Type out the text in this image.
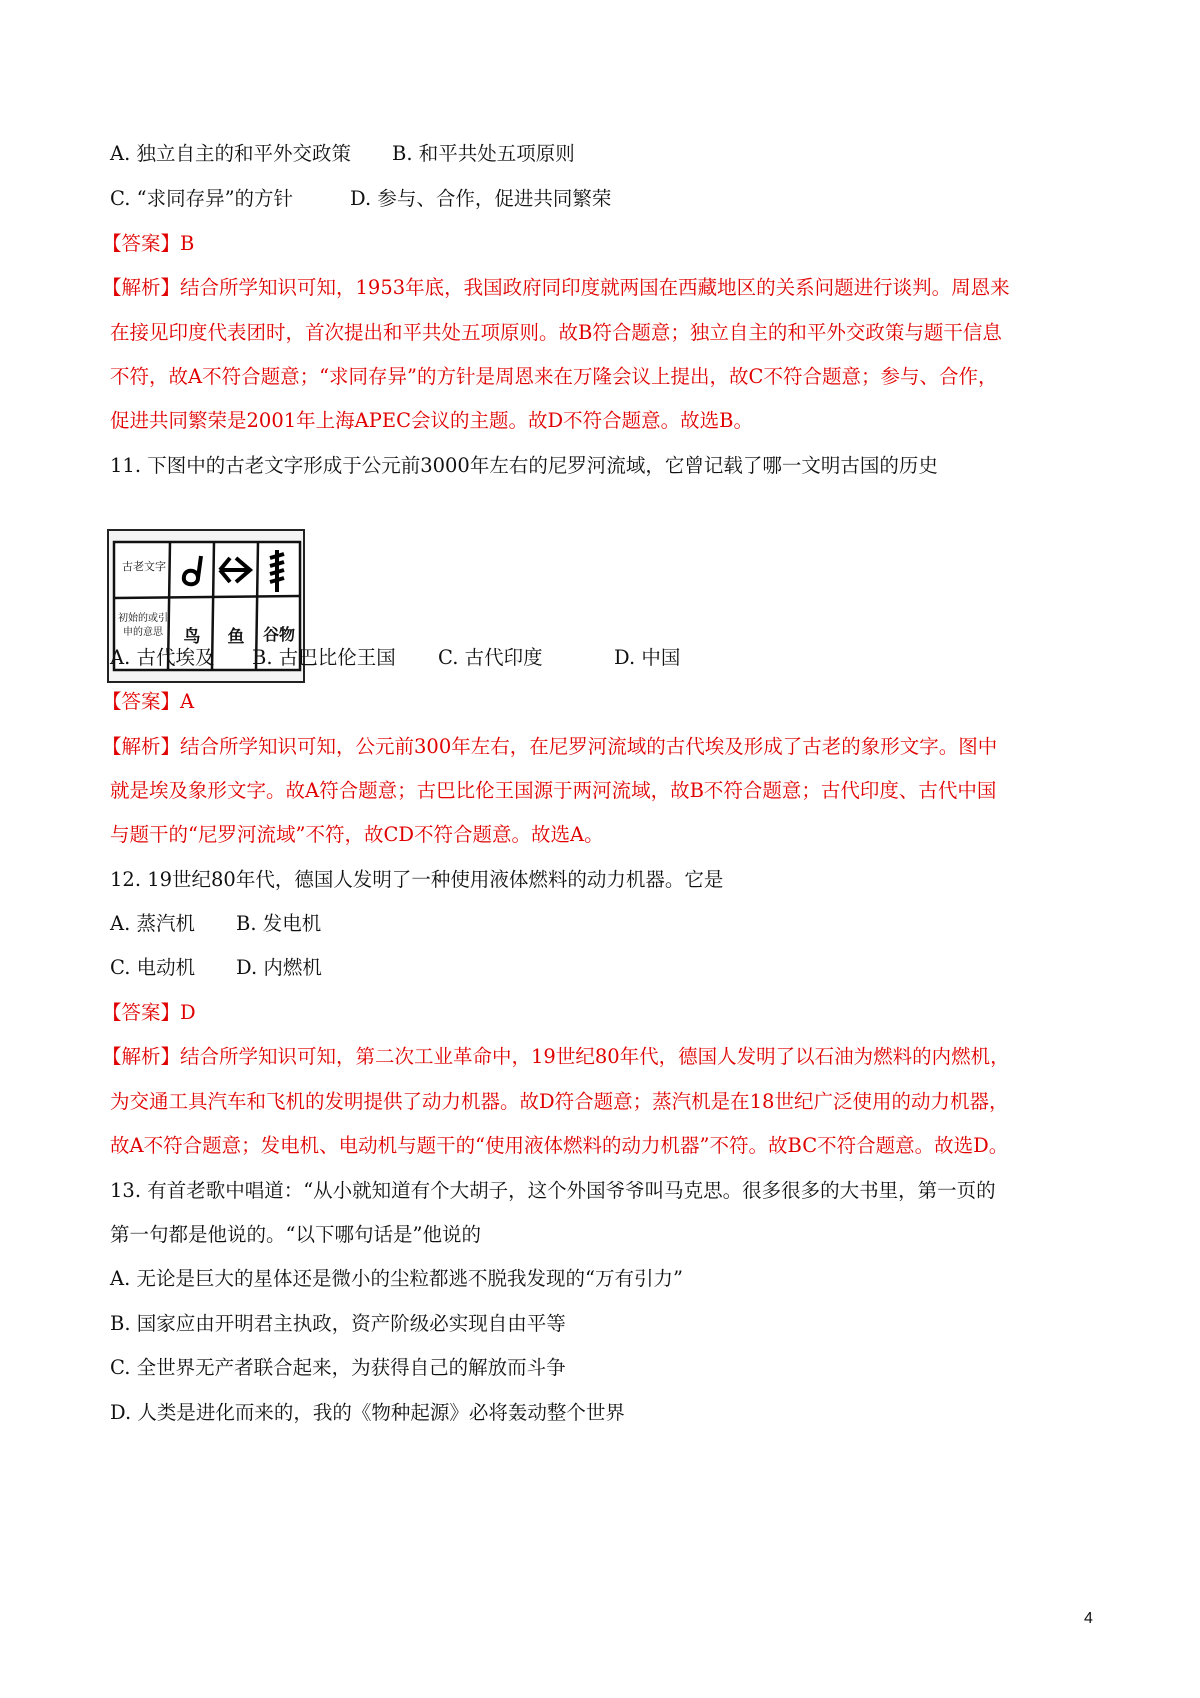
A. 独立自主的和平外交政策 B. 和平共处五项原则
C. “求同存异”的方针	D. 参与、合作，促进共同繁荣
【答案】B
【解析】结合所学知识可知，1953年底，我国政府同印度就两国在西藏地区的关系问题进行谈判。周恩来
在接见印度代表团时，首次提出和平共处五项原则。故B符合题意；独立自主的和平外交政策与题干信息
不符，故A不符合题意；“求同存异”的方针是周恩来在万隆会议上提出，故C不符合题意；参与、合作，
促进共同繁荣是2001年上海APEC会议的主题。故D不符合题意。故选B。
11. 下图中的古老文字形成于公元前3000年左右的尼罗河流域，它曾记载了哪一文明古国的历史
古老文字
初始的或引申的意思	鸟	鱼	谷物
A. 古代埃及 B. 古巴比伦王国 C. 古代印度	D. 中国
【答案】A
【解析】结合所学知识可知，公元前300年左右，在尼罗河流域的古代埃及形成了古老的象形文字。图中
就是埃及象形文字。故A符合题意；古巴比伦王国源于两河流域，故B不符合题意；古代印度、古代中国
与题干的“尼罗河流域”不符，故CD不符合题意。故选A。
12. 19世纪80年代，德国人发明了一种使用液体燃料的动力机器。它是
A. 蒸汽机 B. 发电机
C. 电动机 D. 内燃机
【答案】D
【解析】结合所学知识可知，第二次工业革命中，19世纪80年代，德国人发明了以石油为燃料的内燃机，
为交通工具汽车和飞机的发明提供了动力机器。故D符合题意；蒸汽机是在18世纪广泛使用的动力机器，
故A不符合题意；发电机、电动机与题干的“使用液体燃料的动力机器”不符。故BC不符合题意。故选D。
13. 有首老歌中唱道：“从小就知道有个大胡子，这个外国爷爷叫马克思。很多很多的大书里，第一页的
第一句都是他说的。“以下哪句话是”他说的
A. 无论是巨大的星体还是微小的尘粒都逃不脱我发现的“万有引力”
B. 国家应由开明君主执政，资产阶级必实现自由平等
C. 全世界无产者联合起来，为获得自己的解放而斗争
D. 人类是进化而来的，我的《物种起源》必将轰动整个世界
4
